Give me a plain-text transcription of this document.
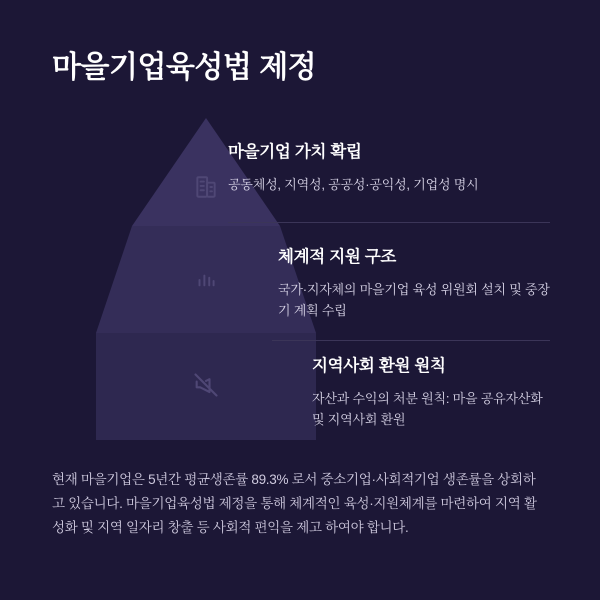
마을기업육성법 제정

마을기업 가치 확립

공동체성, 지역성, 공공성·공익성, 기업성 명시

체계적 지원 구조

국가·지자체의 마을기업 육성 위원회 설치 및 중장기 계획 수립

지역사회 환원 원칙

자산과 수익의 처분 원칙: 마을 공유자산화 및 지역사회 환원

현재 마을기업은 5년간 평균생존률 89.3% 로서 중소기업·사회적기업 생존률을 상회하고 있습니다. 마을기업육성법 제정을 통해 체계적인 육성·지원체계를 마련하여 지역 활성화 및 지역 일자리 창출 등 사회적 편익을 제고 하여야 합니다.
